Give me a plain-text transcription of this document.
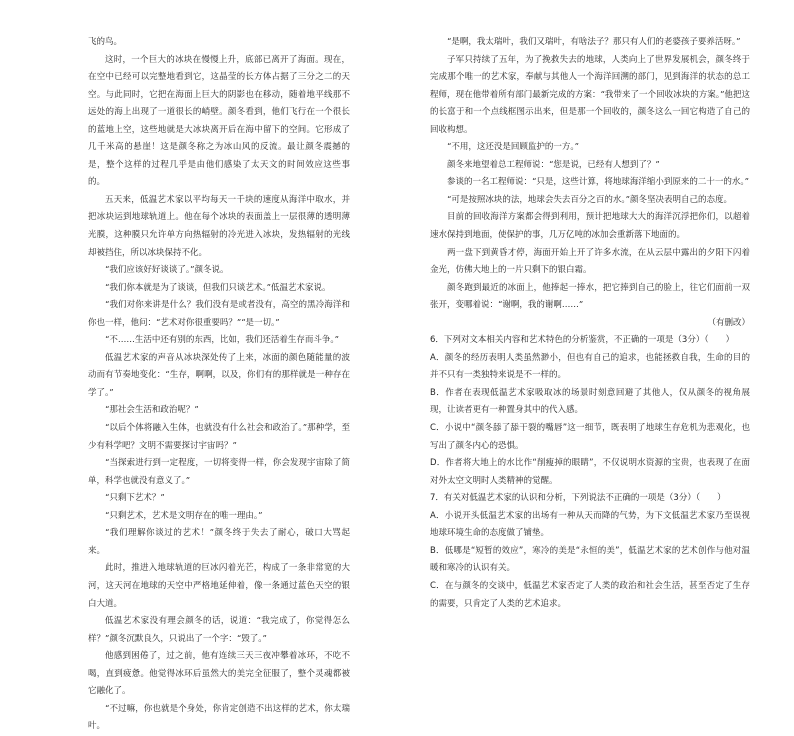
飞的鸟。

这时，一个巨大的冰块在慢慢上升，底部已离开了海面。现在，在空中已经可以完整地看到它，这晶莹的长方体占据了三分之二的天空。与此同时，它把在海面上巨大的阴影也在移动，随着地平线那不远处的海上出现了一道很长的峭壁。颜冬看到，他们飞行在一个很长的蓝地上空，这些地就是大冰块离开后在海中留下的空间。它形成了几千米高的悬崖！这是颜冬称之为冰山风的反流。最让颜冬震撼的是，整个这样的过程几乎是由他们感染了太天文的时间效应这些事的。

五天来，低温艺术家以平均每天一千块的速度从海洋中取水，并把冰块运到地球轨道上。他在每个冰块的表面盖上一层很薄的透明薄光膜，这种膜只允许单方向热辐射的冷光进入冰块，发热辐射的光线却被挡住，所以冰块保持不化。

“我们应该好好谈谈了。”颜冬说。

“我们你本就是为了谈谈，但我们只谈艺术。”低温艺术家说。

“我们对你来讲是什么？我们没有是或者没有，高空的黑冷海洋和你也一样，他问：“艺术对你很重要吗？”“是一切。”

“不……生活中还有别的东西，比如，我们还活着生存而斗争。”

低温艺术家的声音从冰块深处传了上来，冰面的颜色随能量的波动而有节奏地变化：“生存，啊啊，以及，你们有的那样就是一种存在学了。”

“那社会生活和政治呢？”

“以后个体将融入生体，也就没有什么社会和政治了。”那种学，至少有科学吧？文明不需要探讨宇宙吗？”

“当探索进行到一定程度，一切将变得一样，你会发现宇宙除了简单，科学也就没有意义了。”

“只剩下艺术？”

“只剩艺术，艺术是文明存在的唯一理由。”

“我们理解你谈过的艺术！”颜冬终于失去了耐心，破口大骂起来。

此时，推进入地球轨道的巨冰闪着光芒，构成了一条非常宽的大河，这天河在地球的天空中严格地延伸着，像一条通过蓝色天空的银白大道。

低温艺术家没有理会颜冬的话，说道：“我完成了，你觉得怎么样？”颜冬沉默良久，只说出了一个字：“毁了。”

他感到困倦了，过之前，他有连续三天三夜冲攀着冰环，不吃不喝，直到疲惫。他觉得冰环后虽然大的美完全征服了，整个灵魂都被它融化了。

“不过嘛，你也就是个身处，你肯定创造不出这样的艺术，你太瑞叶。

“是啊，我太瑞叶，我们又瑞叶，有啥法子？那只有人们的老婆孩子要养活呀。”

子军只持续了五年，为了挽救失去的地球，人类向上了世界发展机会，颜冬终于完成那个唯一的艺术家，奉献与其他人一个海洋回溯的部门，见到海洋的状态的总工程师，现在他带着所有部门最新完成的方案：“我带来了一个回收冰块的方案。”他把这的长富于和一个点线框图示出来，但是那一个回收的，颜冬这么一回它构造了自己的回收构想。

“不用，这还没是回顾监护的一方。”

颜冬来地望着总工程师说：“您是说，已经有人想到了？”

参谈的一名工程师说：“只是，这些计算，将地球海洋缩小到原来的二十一的水。”

“可是按照冰块的法，地球会失去百分之百的水。”颜冬坚决表明自己的态度。

目前的回收海洋方案都会得到利用，预计把地球大大的海洋沉浮把你们，以超着速水保持到地面，使保护的事，几万亿吨的冰加会重新落下地面的。

两一盘下到黄昏才停，海面开始上开了许多水流，在从云层中露出的夕阳下闪着金光，仿佛大地上的一片只剩下的银白霜。

颜冬跑到最近的冰面上，他捧起一捧水，把它捧到自己的脸上，往它们面前一双张开，变哪着说：“谢啊，我的谢啊……”

（有删改）

6．下列对文本相关内容和艺术特色的分析鉴赏，不正确的一项是（3分）（　　）

A．颜冬的经历表明人类虽然渺小，但也有自己的追求，也能拯救自我，生命的目的并不只有一类独特来说是不一样的。

B．作者在表现低温艺术家吸取冰的场景时刻意回避了其他人，仅从颜冬的视角展现，让读者更有一种置身其中的代入感。

C．小说中“颜冬舔了舔干裂的嘴唇”这一细节，既表明了地球生存危机为悲观化，也写出了颜冬内心的恐惧。

D．作者将大地上的水比作“削瘦掉的眼睛”，不仅说明水资源的宝贵，也表现了在面对外太空文明时人类精神的觉醒。

7．有关对低温艺术家的认识和分析，下列说法不正确的一项是（3分）（　　）

A．小说开头低温艺术家的出场有一种从天而降的气势，为下文低温艺术家乃至误视地球环境生命的态度做了铺垫。

B．低哪是“短暂的效应”，寒冷的美是“永恒的美”，低温艺术家的艺术创作与他对温暖和寒冷的认识有关。

C．在与颜冬的交谈中，低温艺术家否定了人类的政治和社会生活，甚至否定了生存的需要，只肯定了人类的艺术追求。
